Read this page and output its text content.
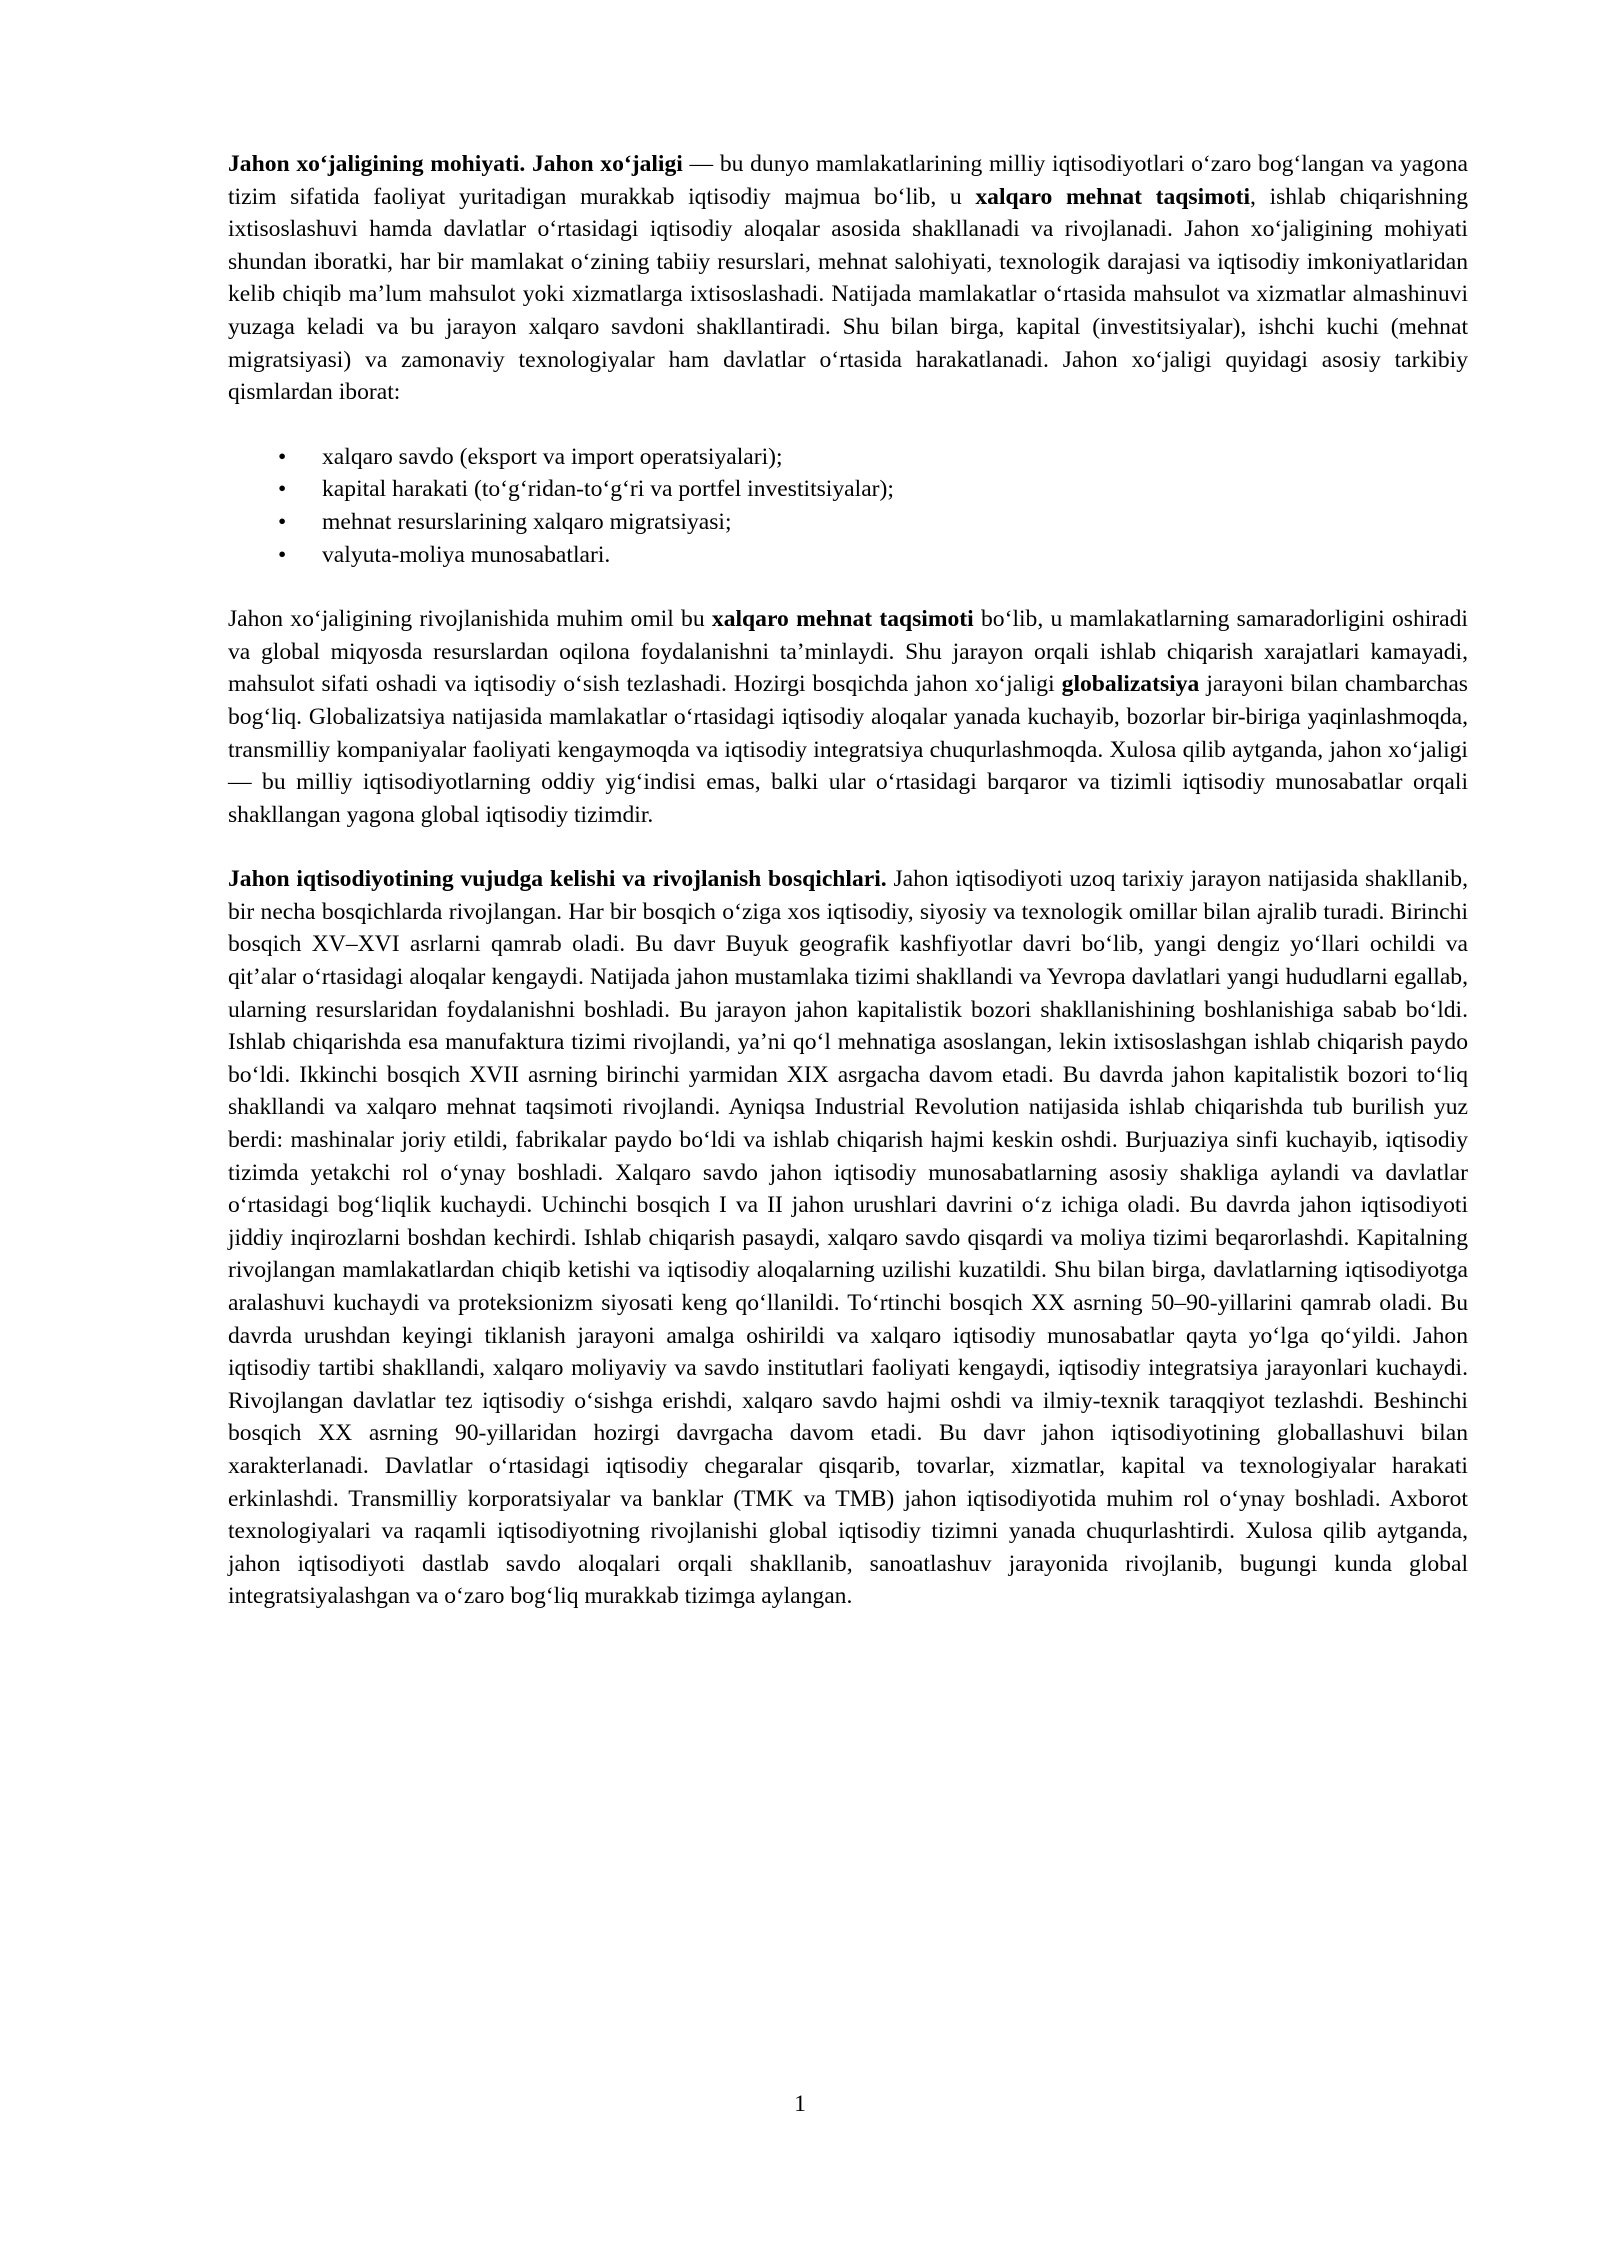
Jahon xo‘jaligining mohiyati. Jahon xo‘jaligi — bu dunyo mamlakatlarining milliy iqtisodiyotlari o‘zaro bog‘langan va yagona tizim sifatida faoliyat yuritadigan murakkab iqtisodiy majmua bo‘lib, u xalqaro mehnat taqsimoti, ishlab chiqarishning ixtisoslashuvi hamda davlatlar o‘rtasidagi iqtisodiy aloqalar asosida shakllanadi va rivojlanadi. Jahon xo‘jaligining mohiyati shundan iboratki, har bir mamlakat o‘zining tabiiy resurslari, mehnat salohiyati, texnologik darajasi va iqtisodiy imkoniyatlaridan kelib chiqib ma’lum mahsulot yoki xizmatlarga ixtisoslashadi. Natijada mamlakatlar o‘rtasida mahsulot va xizmatlar almashinuvi yuzaga keladi va bu jarayon xalqaro savdoni shakllantiradi. Shu bilan birga, kapital (investitsiyalar), ishchi kuchi (mehnat migratsiyasi) va zamonaviy texnologiyalar ham davlatlar o‘rtasida harakatlanadi. Jahon xo‘jaligi quyidagi asosiy tarkibiy qismlardan iborat:

• xalqaro savdo (eksport va import operatsiyalari);
• kapital harakati (to‘g‘ridan-to‘g‘ri va portfel investitsiyalar);
• mehnat resurslarining xalqaro migratsiyasi;
• valyuta-moliya munosabatlari.

Jahon xo‘jaligining rivojlanishida muhim omil bu xalqaro mehnat taqsimoti bo‘lib, u mamlakatlarning samaradorligini oshiradi va global miqyosda resurslardan oqilona foydalanishni ta’minlaydi. Shu jarayon orqali ishlab chiqarish xarajatlari kamayadi, mahsulot sifati oshadi va iqtisodiy o‘sish tezlashadi. Hozirgi bosqichda jahon xo‘jaligi globalizatsiya jarayoni bilan chambarchas bog‘liq. Globalizatsiya natijasida mamlakatlar o‘rtasidagi iqtisodiy aloqalar yanada kuchayib, bozorlar bir-biriga yaqinlashmoqda, transmilliy kompaniyalar faoliyati kengaymoqda va iqtisodiy integratsiya chuqurlashmoqda. Xulosa qilib aytganda, jahon xo‘jaligi — bu milliy iqtisodiyotlarning oddiy yig‘indisi emas, balki ular o‘rtasidagi barqaror va tizimli iqtisodiy munosabatlar orqali shakllangan yagona global iqtisodiy tizimdir.

Jahon iqtisodiyotining vujudga kelishi va rivojlanish bosqichlari. Jahon iqtisodiyoti uzoq tarixiy jarayon natijasida shakllanib, bir necha bosqichlarda rivojlangan. Har bir bosqich o‘ziga xos iqtisodiy, siyosiy va texnologik omillar bilan ajralib turadi. Birinchi bosqich XV–XVI asrlarni qamrab oladi. Bu davr Buyuk geografik kashfiyotlar davri bo‘lib, yangi dengiz yo‘llari ochildi va qit’alar o‘rtasidagi aloqalar kengaydi. Natijada jahon mustamlaka tizimi shakllandi va Yevropa davlatlari yangi hududlarni egallab, ularning resurslaridan foydalanishni boshladi. Bu jarayon jahon kapitalistik bozori shakllanishining boshlanishiga sabab bo‘ldi. Ishlab chiqarishda esa manufaktura tizimi rivojlandi, ya’ni qo‘l mehnatiga asoslangan, lekin ixtisoslashgan ishlab chiqarish paydo bo‘ldi. Ikkinchi bosqich XVII asrning birinchi yarmidan XIX asrgacha davom etadi. Bu davrda jahon kapitalistik bozori to‘liq shakllandi va xalqaro mehnat taqsimoti rivojlandi. Ayniqsa Industrial Revolution natijasida ishlab chiqarishda tub burilish yuz berdi: mashinalar joriy etildi, fabrikalar paydo bo‘ldi va ishlab chiqarish hajmi keskin oshdi. Burjuaziya sinfi kuchayib, iqtisodiy tizimda yetakchi rol o‘ynay boshladi. Xalqaro savdo jahon iqtisodiy munosabatlarning asosiy shakliga aylandi va davlatlar o‘rtasidagi bog‘liqlik kuchaydi. Uchinchi bosqich I va II jahon urushlari davrini o‘z ichiga oladi. Bu davrda jahon iqtisodiyoti jiddiy inqirozlarni boshdan kechirdi. Ishlab chiqarish pasaydi, xalqaro savdo qisqardi va moliya tizimi beqarorlashdi. Kapitalning rivojlangan mamlakatlardan chiqib ketishi va iqtisodiy aloqalarning uzilishi kuzatildi. Shu bilan birga, davlatlarning iqtisodiyotga aralashuvi kuchaydi va proteksionizm siyosati keng qo‘llanildi. To‘rtinchi bosqich XX asrning 50–90-yillarini qamrab oladi. Bu davrda urushdan keyingi tiklanish jarayoni amalga oshirildi va xalqaro iqtisodiy munosabatlar qayta yo‘lga qo‘yildi. Jahon iqtisodiy tartibi shakllandi, xalqaro moliyaviy va savdo institutlari faoliyati kengaydi, iqtisodiy integratsiya jarayonlari kuchaydi. Rivojlangan davlatlar tez iqtisodiy o‘sishga erishdi, xalqaro savdo hajmi oshdi va ilmiy-texnik taraqqiyot tezlashdi. Beshinchi bosqich XX asrning 90-yillaridan hozirgi davrgacha davom etadi. Bu davr jahon iqtisodiyotining globallashuvi bilan xarakterlanadi. Davlatlar o‘rtasidagi iqtisodiy chegaralar qisqarib, tovarlar, xizmatlar, kapital va texnologiyalar harakati erkinlashdi. Transmilliy korporatsiyalar va banklar (TMK va TMB) jahon iqtisodiyotida muhim rol o‘ynay boshladi. Axborot texnologiyalari va raqamli iqtisodiyotning rivojlanishi global iqtisodiy tizimni yanada chuqurlashtirdi. Xulosa qilib aytganda, jahon iqtisodiyoti dastlab savdo aloqalari orqali shakllanib, sanoatlashuv jarayonida rivojlanib, bugungi kunda global integratsiyalashgan va o‘zaro bog‘liq murakkab tizimga aylangan.

1
